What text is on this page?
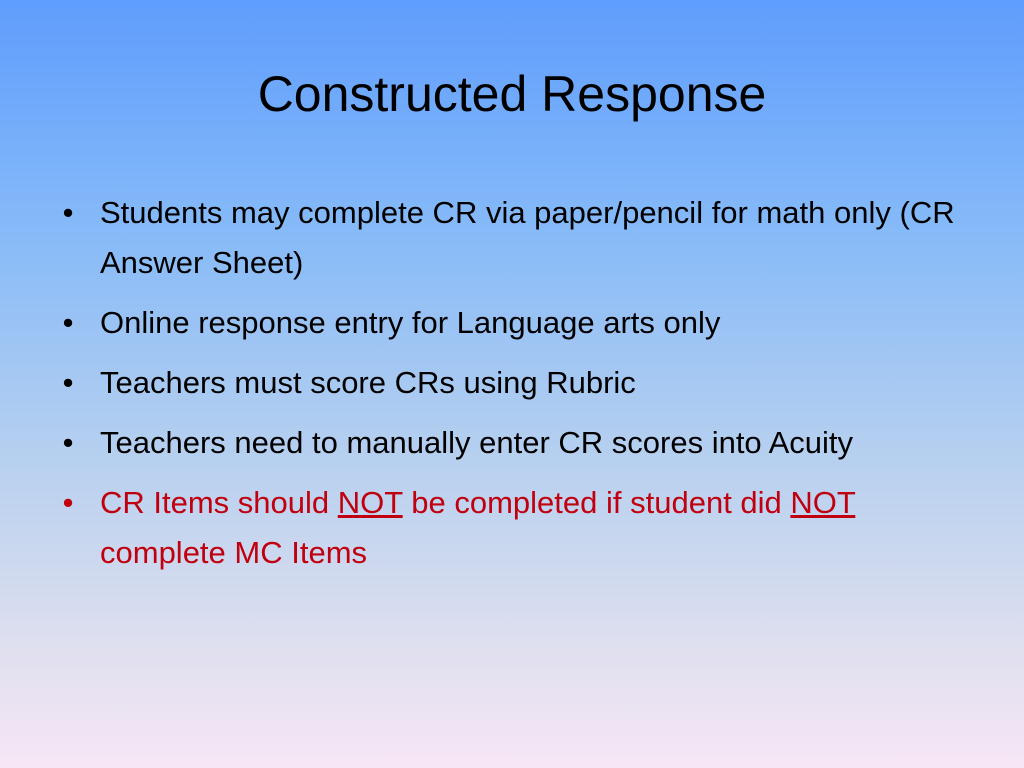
Constructed Response
• Students may complete CR via paper/pencil for math only (CR Answer Sheet)
• Online response entry for Language arts only
• Teachers must score CRs using Rubric
• Teachers need to manually enter CR scores into Acuity
• CR Items should NOT be completed if student did NOT complete MC Items
